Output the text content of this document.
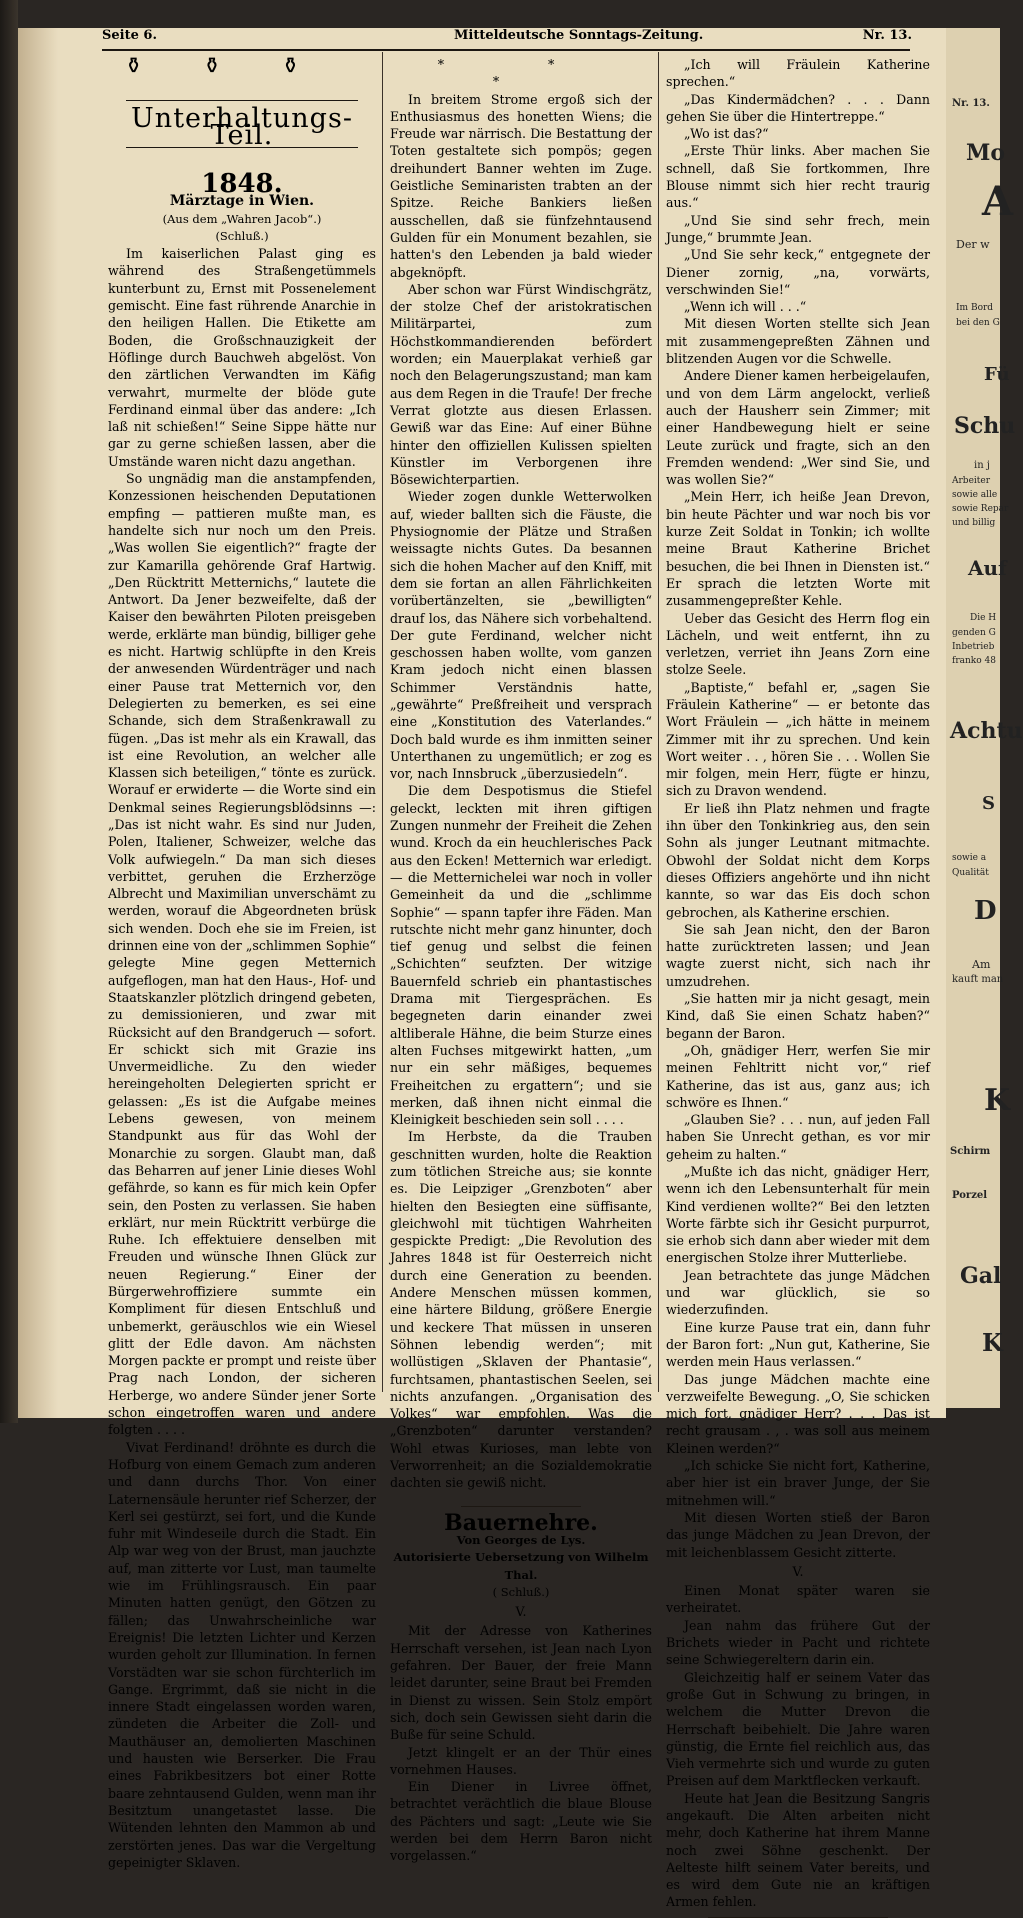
Seite 6.	Mitteldeutsche Sonntags-Zeitung.	Nr. 13.
⚱⚱⚱
Unterhaltungs-Teil.
1848.
Märztage in Wien.
(Aus dem „Wahren Jacob“.)
(Schluß.)

Im kaiserlichen Palast ging es während des Straßengetümmels kunterbunt zu, Ernst mit Possenelement gemischt. Eine fast rührende Anarchie in den heiligen Hallen. Die Etikette am Boden, die Großschnauzigkeit der Höflinge durch Bauchweh abgelöst. Von den zärtlichen Verwandten im Käfig verwahrt, murmelte der blöde gute Ferdinand einmal über das andere: „Ich laß nit schießen!“ Seine Sippe hätte nur gar zu gerne schießen lassen, aber die Umstände waren nicht dazu angethan.

So ungnädig man die anstampfenden, Konzessionen heischenden Deputationen empfing — pattieren mußte man, es handelte sich nur noch um den Preis. „Was wollen Sie eigentlich?“ fragte der zur Kamarilla gehörende Graf Hartwig. „Den Rücktritt Metternichs,“ lautete die Antwort. Da Jener bezweifelte, daß der Kaiser den bewährten Piloten preisgeben werde, erklärte man bündig, billiger gehe es nicht. Hartwig schlüpfte in den Kreis der anwesenden Würdenträger und nach einer Pause trat Metternich vor, den Delegierten zu bemerken, es sei eine Schande, sich dem Straßenkrawall zu fügen. „Das ist mehr als ein Krawall, das ist eine Revolution, an welcher alle Klassen sich beteiligen,“ tönte es zurück. Worauf er erwiderte — die Worte sind ein Denkmal seines Regierungsblödsinns —: „Das ist nicht wahr. Es sind nur Juden, Polen, Italiener, Schweizer, welche das Volk aufwiegeln.“ Da man sich dieses verbittet, geruhen die Erzherzöge Albrecht und Maximilian unverschämt zu werden, worauf die Abgeordneten brüsk sich wenden. Doch ehe sie im Freien, ist drinnen eine von der „schlimmen Sophie“ gelegte Mine gegen Metternich aufgeflogen, man hat den Haus-, Hof- und Staatskanzler plötzlich dringend gebeten, zu demissionieren, und zwar mit Rücksicht auf den Brandgeruch — sofort. Er schickt sich mit Grazie ins Unvermeidliche. Zu den wieder hereingeholten Delegierten spricht er gelassen: „Es ist die Aufgabe meines Lebens gewesen, von meinem Standpunkt aus für das Wohl der Monarchie zu sorgen. Glaubt man, daß das Beharren auf jener Linie dieses Wohl gefährde, so kann es für mich kein Opfer sein, den Posten zu verlassen. Sie haben erklärt, nur mein Rücktritt verbürge die Ruhe. Ich effektuiere denselben mit Freuden und wünsche Ihnen Glück zur neuen Regierung.“ Einer der Bürgerwehroffiziere summte ein Kompliment für diesen Entschluß und unbemerkt, geräuschlos wie ein Wiesel glitt der Edle davon. Am nächsten Morgen packte er prompt und reiste über Prag nach London, der sicheren Herberge, wo andere Sünder jener Sorte schon eingetroffen waren und andere folgten . . . .

Vivat Ferdinand! dröhnte es durch die Hofburg von einem Gemach zum anderen und dann durchs Thor. Von einer Laternensäule herunter rief Scherzer, der Kerl sei gestürzt, sei fort, und die Kunde fuhr mit Windeseile durch die Stadt. Ein Alp war weg von der Brust, man jauchzte auf, man zitterte vor Lust, man taumelte wie im Frühlingsrausch. Ein paar Minuten hatten genügt, den Götzen zu fällen; das Unwahrscheinliche war Ereignis! Die letzten Lichter und Kerzen wurden geholt zur Illumination. In fernen Vorstädten war sie schon fürchterlich im Gange. Ergrimmt, daß sie nicht in die innere Stadt eingelassen worden waren, zündeten die Arbeiter die Zoll- und Mauthäuser an, demolierten Maschinen und hausten wie Berserker. Die Frau eines Fabrikbesitzers bot einer Rotte baare zehntausend Gulden, wenn man ihr Besitztum unangetastet lasse. Die Wütenden lehnten den Mammon ab und zerstörten jenes. Das war die Vergeltung gepeinigter Sklaven.

* * *

In breitem Strome ergoß sich der Enthusiasmus des honetten Wiens; die Freude war närrisch. Die Bestattung der Toten gestaltete sich pompös; gegen dreihundert Banner wehten im Zuge. Geistliche Seminaristen trabten an der Spitze. Reiche Bankiers ließen ausschellen, daß sie fünfzehntausend Gulden für ein Monument bezahlen, sie hatten's den Lebenden ja bald wieder abgeknöpft.

Aber schon war Fürst Windischgrätz, der stolze Chef der aristokratischen Militärpartei, zum Höchstkommandierenden befördert worden; ein Mauerplakat verhieß gar noch den Belagerungszustand; man kam aus dem Regen in die Traufe! Der freche Verrat glotzte aus diesen Erlassen. Gewiß war das Eine: Auf einer Bühne hinter den offiziellen Kulissen spielten Künstler im Verborgenen ihre Bösewichterpartien.

Wieder zogen dunkle Wetterwolken auf, wieder ballten sich die Fäuste, die Physiognomie der Plätze und Straßen weissagte nichts Gutes. Da besannen sich die hohen Macher auf den Kniff, mit dem sie fortan an allen Fährlichkeiten vorübertänzelten, sie „bewilligten“ drauf los, das Nähere sich vorbehaltend. Der gute Ferdinand, welcher nicht geschossen haben wollte, vom ganzen Kram jedoch nicht einen blassen Schimmer Verständnis hatte, „gewährte“ Preßfreiheit und versprach eine „Konstitution des Vaterlandes.“ Doch bald wurde es ihm inmitten seiner Unterthanen zu ungemütlich; er zog es vor, nach Innsbruck „überzusiedeln“.

Die dem Despotismus die Stiefel geleckt, leckten mit ihren giftigen Zungen nunmehr der Freiheit die Zehen wund. Kroch da ein heuchlerisches Pack aus den Ecken! Metternich war erledigt. — die Metternichelei war noch in voller Gemeinheit da und die „schlimme Sophie“ — spann tapfer ihre Fäden. Man rutschte nicht mehr ganz hinunter, doch tief genug und selbst die feinen „Schichten“ seufzten. Der witzige Bauernfeld schrieb ein phantastisches Drama mit Tiergesprächen. Es begegneten darin einander zwei altliberale Hähne, die beim Sturze eines alten Fuchses mitgewirkt hatten, „um nur ein sehr mäßiges, bequemes Freiheitchen zu ergattern“; und sie merken, daß ihnen nicht einmal die Kleinigkeit beschieden sein soll . . . .

Im Herbste, da die Trauben geschnitten wurden, holte die Reaktion zum tötlichen Streiche aus; sie konnte es. Die Leipziger „Grenzboten“ aber hielten den Besiegten eine süffisante, gleichwohl mit tüchtigen Wahrheiten gespickte Predigt: „Die Revolution des Jahres 1848 ist für Oesterreich nicht durch eine Generation zu beenden. Andere Menschen müssen kommen, eine härtere Bildung, größere Energie und keckere That müssen in unseren Söhnen lebendig werden“; mit wollüstigen „Sklaven der Phantasie“, furchtsamen, phantastischen Seelen, sei nichts anzufangen. „Organisation des Volkes“ war empfohlen. Was die „Grenzboten“ darunter verstanden? Wohl etwas Kurioses, man lebte von Verworrenheit; an die Sozialdemokratie dachten sie gewiß nicht.

Bauernehre.
Von Georges de Lys.
Autorisierte Uebersetzung von Wilhelm Thal.
( Schluß.)
V.

Mit der Adresse von Katherines Herrschaft versehen, ist Jean nach Lyon gefahren. Der Bauer, der freie Mann leidet darunter, seine Braut bei Fremden in Dienst zu wissen. Sein Stolz empört sich, doch sein Gewissen sieht darin die Buße für seine Schuld.

Jetzt klingelt er an der Thür eines vornehmen Hauses.

Ein Diener in Livree öffnet, betrachtet verächtlich die blaue Blouse des Pächters und sagt: „Leute wie Sie werden bei dem Herrn Baron nicht vorgelassen.“

„Ich will Fräulein Katherine sprechen.“

„Das Kindermädchen? . . . Dann gehen Sie über die Hintertreppe.“

„Wo ist das?“

„Erste Thür links. Aber machen Sie schnell, daß Sie fortkommen, Ihre Blouse nimmt sich hier recht traurig aus.“

„Und Sie sind sehr frech, mein Junge,“ brummte Jean.

„Und Sie sehr keck,“ entgegnete der Diener zornig, „na, vorwärts, verschwinden Sie!“

„Wenn ich will . . .“

Mit diesen Worten stellte sich Jean mit zusammengepreßten Zähnen und blitzenden Augen vor die Schwelle.

Andere Diener kamen herbeigelaufen, und von dem Lärm angelockt, verließ auch der Hausherr sein Zimmer; mit einer Handbewegung hielt er seine Leute zurück und fragte, sich an den Fremden wendend: „Wer sind Sie, und was wollen Sie?“

„Mein Herr, ich heiße Jean Drevon, bin heute Pächter und war noch bis vor kurze Zeit Soldat in Tonkin; ich wollte meine Braut Katherine Brichet besuchen, die bei Ihnen in Diensten ist.“ Er sprach die letzten Worte mit zusammengepreßter Kehle.

Ueber das Gesicht des Herrn flog ein Lächeln, und weit entfernt, ihn zu verletzen, verriet ihn Jeans Zorn eine stolze Seele.

„Baptiste,“ befahl er, „sagen Sie Fräulein Katherine“ — er betonte das Wort Fräulein — „ich hätte in meinem Zimmer mit ihr zu sprechen. Und kein Wort weiter . . , hören Sie . . . Wollen Sie mir folgen, mein Herr, fügte er hinzu, sich zu Dravon wendend.

Er ließ ihn Platz nehmen und fragte ihn über den Tonkinkrieg aus, den sein Sohn als junger Leutnant mitmachte. Obwohl der Soldat nicht dem Korps dieses Offiziers angehörte und ihn nicht kannte, so war das Eis doch schon gebrochen, als Katherine erschien.

Sie sah Jean nicht, den der Baron hatte zurücktreten lassen; und Jean wagte zuerst nicht, sich nach ihr umzudrehen.

„Sie hatten mir ja nicht gesagt, mein Kind, daß Sie einen Schatz haben?“ begann der Baron.

„Oh, gnädiger Herr, werfen Sie mir meinen Fehltritt nicht vor,“ rief Katherine, das ist aus, ganz aus; ich schwöre es Ihnen.“

„Glauben Sie? . . . nun, auf jeden Fall haben Sie Unrecht gethan, es vor mir geheim zu halten.“

„Mußte ich das nicht, gnädiger Herr, wenn ich den Lebensunterhalt für mein Kind verdienen wollte?“ Bei den letzten Worte färbte sich ihr Gesicht purpurrot, sie erhob sich dann aber wieder mit dem energischen Stolze ihrer Mutterliebe.

Jean betrachtete das junge Mädchen und war glücklich, sie so wiederzufinden.

Eine kurze Pause trat ein, dann fuhr der Baron fort: „Nun gut, Katherine, Sie werden mein Haus verlassen.“

Das junge Mädchen machte eine verzweifelte Bewegung. „O, Sie schicken mich fort, gnädiger Herr? . . . Das ist recht grausam . , . was soll aus meinem Kleinen werden?“

„Ich schicke Sie nicht fort, Katherine, aber hier ist ein braver Junge, der Sie mitnehmen will.“

Mit diesen Worten stieß der Baron das junge Mädchen zu Jean Drevon, der mit leichenblassem Gesicht zitterte.

V.

Einen Monat später waren sie verheiratet.

Jean nahm das frühere Gut der Brichets wieder in Pacht und richtete seine Schwiegereltern darin ein.

Gleichzeitig half er seinem Vater das große Gut in Schwung zu bringen, in welchem die Mutter Drevon die Herrschaft beibehielt. Die Jahre waren günstig, die Ernte fiel reichlich aus, das Vieh vermehrte sich und wurde zu guten Preisen auf dem Marktflecken verkauft.

Heute hat Jean die Besitzung Sangris angekauft. Die Alten arbeiten nicht mehr, doch Katherine hat ihrem Manne noch zwei Söhne geschenkt. Der Aelteste hilft seinem Vater bereits, und es wird dem Gute nie an kräftigen Armen fehlen.

Nr. 13.
Mo
A
Der w
Im Bord
bei den G
Fü
Schu
in j
Arbeiter
sowie alle
sowie Repar
und billig
Auf
Die H
genden G
Inbetrieb
franko 48
Achtu
S
sowie a
Qualität
D
Am
kauft man
K
Schirm
Porzel
Gal
K
